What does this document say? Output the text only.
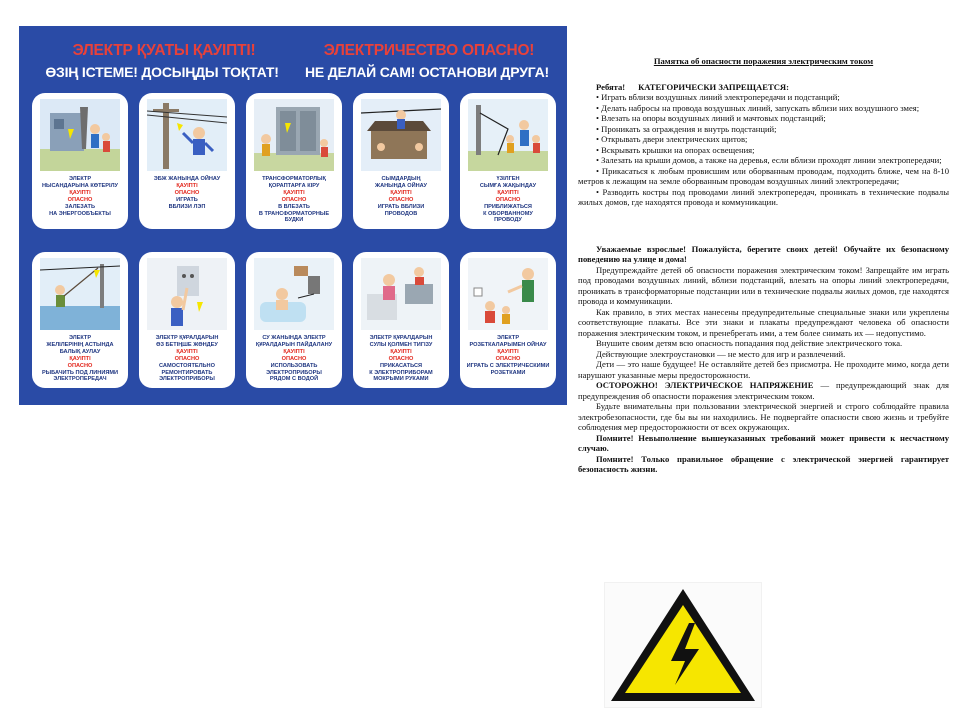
ЭЛЕКТР ҚУАТЫ ҚАУІПТІ!	ЭЛЕКТРИЧЕСТВО ОПАСНО!
ӨЗІҢ ІСТЕМЕ! ДОСЫҢДЫ ТОҚТАТ!	НЕ ДЕЛАЙ САМ! ОСТАНОВИ ДРУГА!
ЭЛЕКТР
НЫСАНДАРЫНА КӨТЕРІЛУ
ҚАУІПТІ
ОПАСНО
ЗАЛЕЗАТЬ
НА ЭНЕРГООБЪЕКТЫ
ЭБЖ ЖАНЫНДА ОЙНАУ
ҚАУІПТІ
ОПАСНО
ИГРАТЬ
ВБЛИЗИ ЛЭП
ТРАНСФОРМАТОРЛЫҚ
ҚОРАПТАРҒА КІРУ
ҚАУІПТІ
ОПАСНО
В ВЛЕЗАТЬ
В ТРАНСФОРМАТОРНЫЕ
БУДКИ
СЫМДАРДЫҢ
ЖАНЫНДА ОЙНАУ
ҚАУІПТІ
ОПАСНО
ИГРАТЬ ВБЛИЗИ
ПРОВОДОВ
ҮЗІЛГЕН
СЫМҒА ЖАҚЫНДАУ
ҚАУІПТІ
ОПАСНО
ПРИБЛИЖАТЬСЯ
К ОБОРВАННОМУ
ПРОВОДУ
ЭЛЕКТР
ЖЕЛІЛЕРІНІҢ АСТЫНДА
БАЛЫҚ АУЛАУ
ҚАУІПТІ
ОПАСНО
РЫБАЧИТЬ ПОД ЛИНИЯМИ
ЭЛЕКТРОПЕРЕДАЧ
ЭЛЕКТР ҚҰРАЛДАРЫН
ӨЗ БЕТІҢШЕ ЖӨНДЕУ
ҚАУІПТІ
ОПАСНО
САМОСТОЯТЕЛЬНО
РЕМОНТИРОВАТЬ
ЭЛЕКТРОПРИБОРЫ
СУ ЖАНЫНДА ЭЛЕКТР
ҚҰРАЛДАРЫН ПАЙДАЛАНУ
ҚАУІПТІ
ОПАСНО
ИСПОЛЬЗОВАТЬ
ЭЛЕКТРОПРИБОРЫ
РЯДОМ С ВОДОЙ
ЭЛЕКТР ҚҰРАЛДАРЫН
СУЛЫ ҚОЛМЕН ТИГІЗУ
ҚАУІПТІ
ОПАСНО
ПРИКАСАТЬСЯ
К ЭЛЕКТРОПРИБОРАМ
МОКРЫМИ РУКАМИ
ЭЛЕКТР
РОЗЕТКАЛАРЫМЕН ОЙНАУ
ҚАУІПТІ
ОПАСНО
ИГРАТЬ С ЭЛЕКТРИЧЕСКИМИ
РОЗЕТКАМИ

Памятка об опасности поражения электрическим током

Ребята! КАТЕГОРИЧЕСКИ ЗАПРЕЩАЕТСЯ:

• Играть вблизи воздушных линий электропередачи и подстанций;

• Делать набросы на провода воздушных линий, запускать вблизи них воздушного змея;

• Влезать на опоры воздушных линий и мачтовых подстанций;

• Проникать за ограждения и внутрь подстанций;

• Открывать двери электрических щитов;

• Вскрывать крышки на опорах освещения;

• Залезать на крыши домов, а также на деревья, если вблизи проходят линии электропередачи;

• Прикасаться к любым провисшим или оборванным проводам, подходить ближе, чем на 8-10 метров к лежащим на земле оборванным проводам воздушных линий электропередачи;

• Разводить костры под проводами линий электропередач, проникать в технические подвалы жилых домов, где находятся провода и коммуникации.

Уважаемые взрослые! Пожалуйста, берегите своих детей! Обучайте их безопасному поведению на улице и дома!

Предупреждайте детей об опасности поражения электрическим током! Запрещайте им играть под проводами воздушных линий, вблизи подстанций, влезать на опоры линий электропередачи, проникать в трансформаторные подстанции или в технические подвалы жилых домов, где находятся провода и коммуникации.

Как правило, в этих местах нанесены предупредительные специальные знаки или укреплены соответствующие плакаты. Все эти знаки и плакаты предупреждают человека об опасности поражения электрическим током, и пренебрегать ими, а тем более снимать их — недопустимо.

Внушите своим детям всю опасность попадания под действие электрического тока.

Действующие электроустановки — не место для игр и развлечений.

Дети — это наше будущее! Не оставляйте детей без присмотра. Не проходите мимо, когда дети нарушают указанные меры предосторожности.

ОСТОРОЖНО! ЭЛЕКТРИЧЕСКОЕ НАПРЯЖЕНИЕ — предупреждающий знак для предупреждения об опасности поражения электрическим током.

Будьте внимательны при пользовании электрической энергией и строго соблюдайте правила электробезопасности, где бы вы ни находились. Не подвергайте опасности свою жизнь и требуйте соблюдения мер предосторожности от всех окружающих.

Помните! Невыполнение вышеуказанных требований может привести к несчастному случаю.

Помните! Только правильное обращение с электрической энергией гарантирует безопасность жизни.
